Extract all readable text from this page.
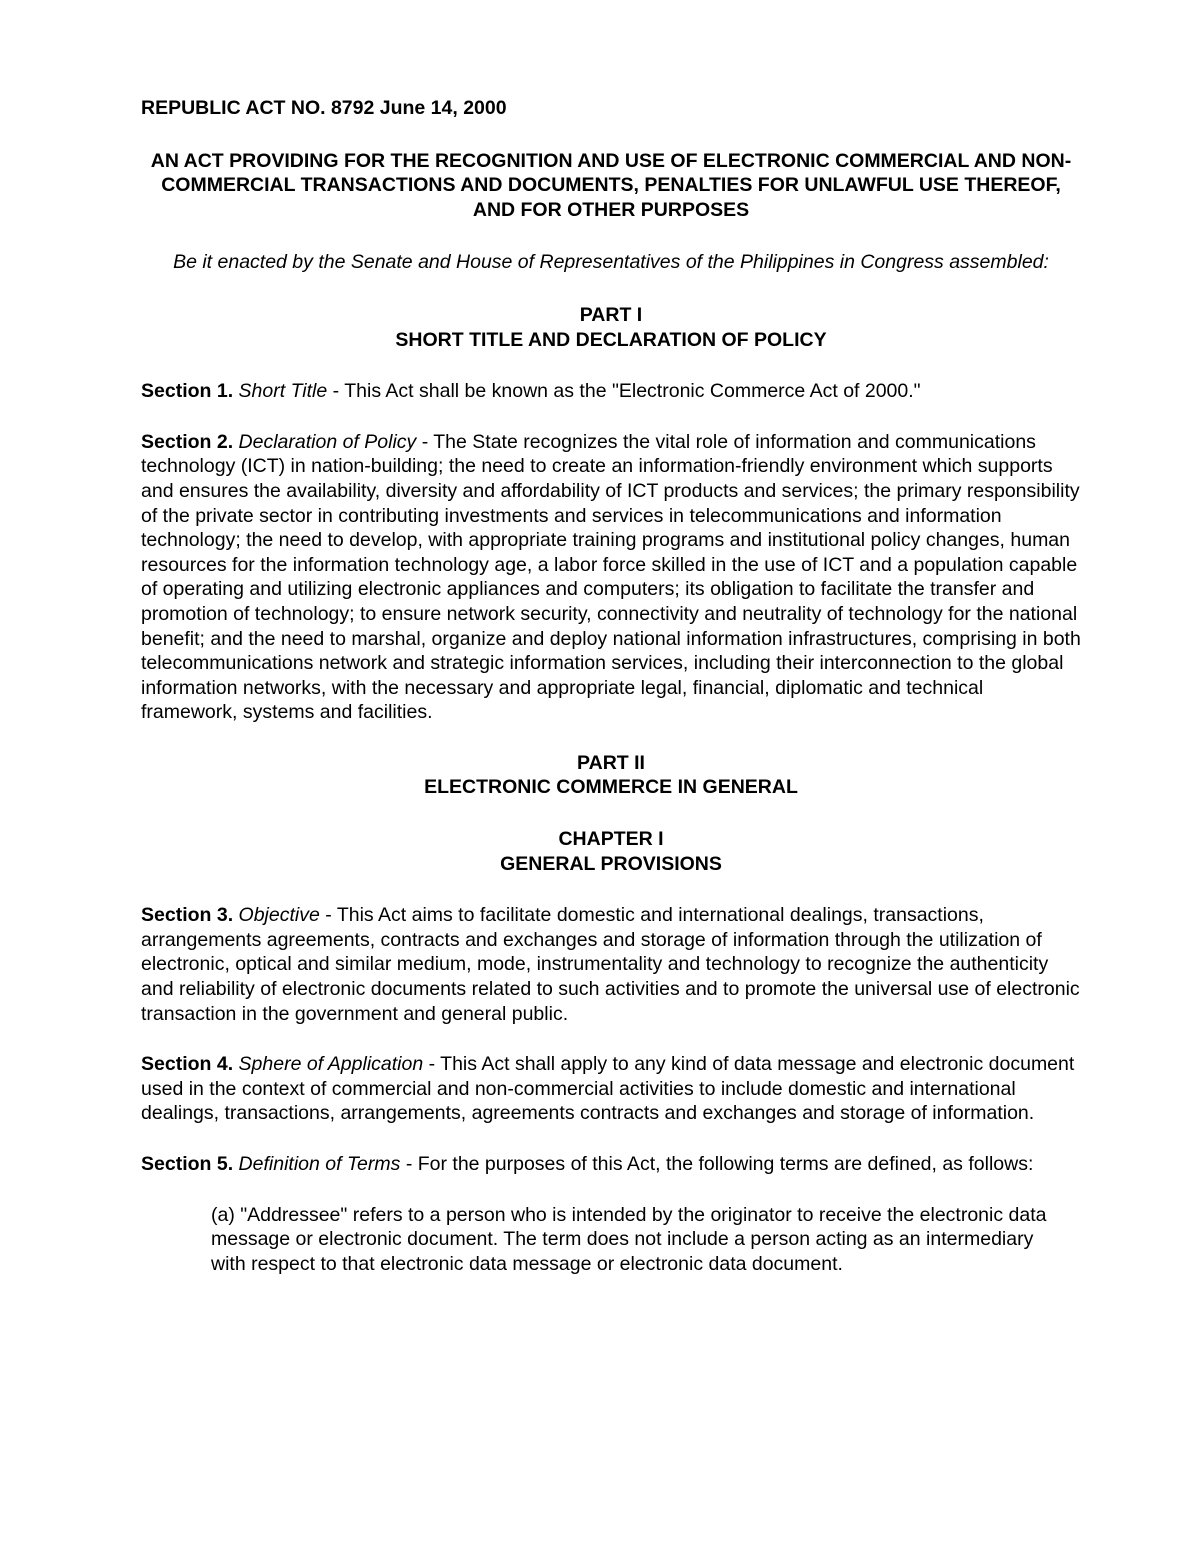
REPUBLIC ACT NO. 8792 June 14, 2000

AN ACT PROVIDING FOR THE RECOGNITION AND USE OF ELECTRONIC COMMERCIAL AND NON-COMMERCIAL TRANSACTIONS AND DOCUMENTS, PENALTIES FOR UNLAWFUL USE THEREOF, AND FOR OTHER PURPOSES

Be it enacted by the Senate and House of Representatives of the Philippines in Congress assembled:

PART I
SHORT TITLE AND DECLARATION OF POLICY

Section 1. Short Title - This Act shall be known as the "Electronic Commerce Act of 2000."

Section 2. Declaration of Policy - The State recognizes the vital role of information and communications technology (ICT) in nation-building; the need to create an information-friendly environment which supports and ensures the availability, diversity and affordability of ICT products and services; the primary responsibility of the private sector in contributing investments and services in telecommunications and information technology; the need to develop, with appropriate training programs and institutional policy changes, human resources for the information technology age, a labor force skilled in the use of ICT and a population capable of operating and utilizing electronic appliances and computers; its obligation to facilitate the transfer and promotion of technology; to ensure network security, connectivity and neutrality of technology for the national benefit; and the need to marshal, organize and deploy national information infrastructures, comprising in both telecommunications network and strategic information services, including their interconnection to the global information networks, with the necessary and appropriate legal, financial, diplomatic and technical framework, systems and facilities.

PART II
ELECTRONIC COMMERCE IN GENERAL
CHAPTER I
GENERAL PROVISIONS

Section 3. Objective - This Act aims to facilitate domestic and international dealings, transactions, arrangements agreements, contracts and exchanges and storage of information through the utilization of electronic, optical and similar medium, mode, instrumentality and technology to recognize the authenticity and reliability of electronic documents related to such activities and to promote the universal use of electronic transaction in the government and general public.

Section 4. Sphere of Application - This Act shall apply to any kind of data message and electronic document used in the context of commercial and non-commercial activities to include domestic and international dealings, transactions, arrangements, agreements contracts and exchanges and storage of information.

Section 5. Definition of Terms - For the purposes of this Act, the following terms are defined, as follows:

(a) "Addressee" refers to a person who is intended by the originator to receive the electronic data message or electronic document. The term does not include a person acting as an intermediary with respect to that electronic data message or electronic data document.
